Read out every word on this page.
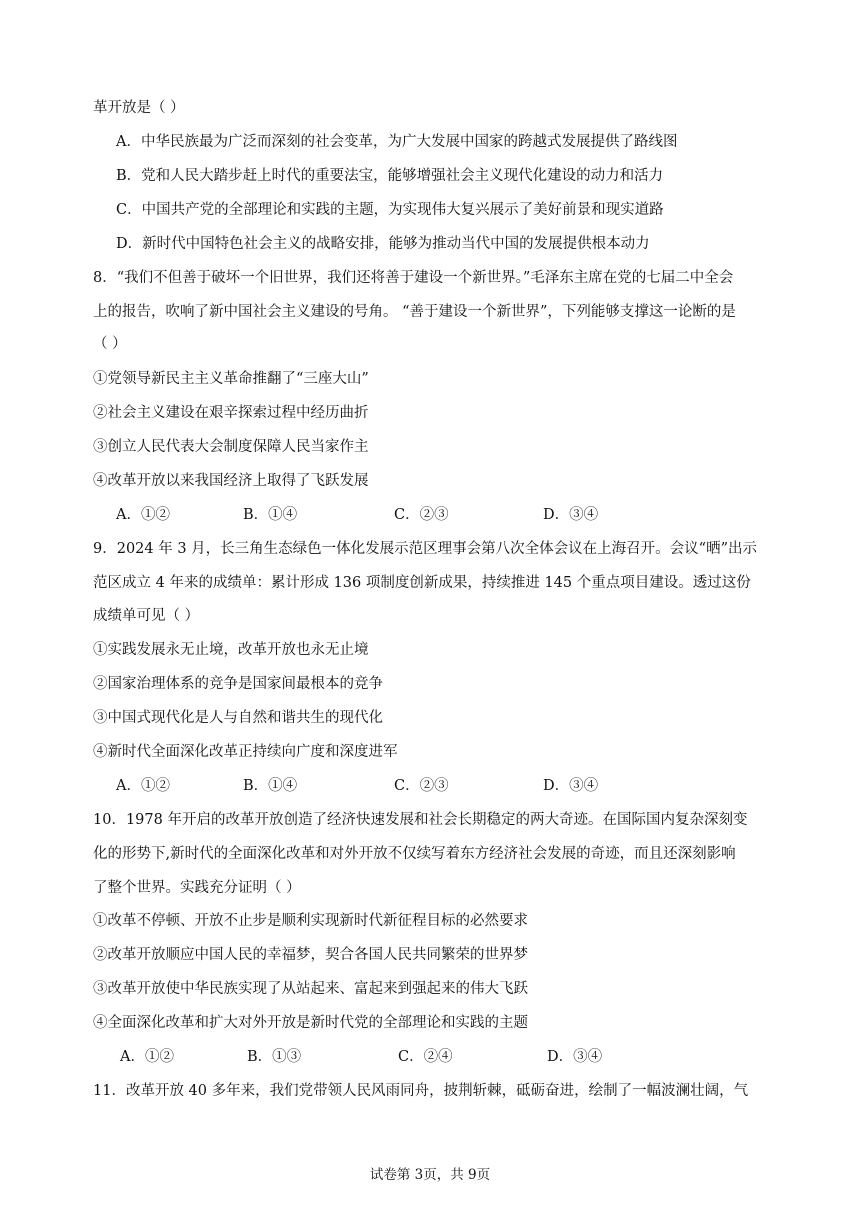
革开放是（ ）
A．中华民族最为广泛而深刻的社会变革，为广大发展中国家的跨越式发展提供了路线图
B．党和人民大踏步赶上时代的重要法宝，能够增强社会主义现代化建设的动力和活力
C．中国共产党的全部理论和实践的主题，为实现伟大复兴展示了美好前景和现实道路
D．新时代中国特色社会主义的战略安排，能够为推动当代中国的发展提供根本动力
8．“我们不但善于破坏一个旧世界，我们还将善于建设一个新世界。”毛泽东主席在党的七届二中全会
上的报告，吹响了新中国社会主义建设的号角。 “善于建设一个新世界”，下列能够支撑这一论断的是
（ ）
①党领导新民主主义革命推翻了“三座大山”
②社会主义建设在艰辛探索过程中经历曲折
③创立人民代表大会制度保障人民当家作主
④改革开放以来我国经济上取得了飞跃发展
A．①②	B．①④	C．②③	D．③④
9．2024 年 3 月，长三角生态绿色一体化发展示范区理事会第八次全体会议在上海召开。会议“晒”出示
范区成立 4 年来的成绩单：累计形成 136 项制度创新成果，持续推进 145 个重点项目建设。透过这份
成绩单可见（ ）
①实践发展永无止境，改革开放也永无止境
②国家治理体系的竞争是国家间最根本的竞争
③中国式现代化是人与自然和谐共生的现代化
④新时代全面深化改革正持续向广度和深度进军
A．①②	B．①④	C．②③	D．③④
10．1978 年开启的改革开放创造了经济快速发展和社会长期稳定的两大奇迹。在国际国内复杂深刻变
化的形势下,新时代的全面深化改革和对外开放不仅续写着东方经济社会发展的奇迹，而且还深刻影响
了整个世界。实践充分证明（ ）
①改革不停顿、开放不止步是顺利实现新时代新征程目标的必然要求
②改革开放顺应中国人民的幸福梦，契合各国人民共同繁荣的世界梦
③改革开放使中华民族实现了从站起来、富起来到强起来的伟大飞跃
④全面深化改革和扩大对外开放是新时代党的全部理论和实践的主题
A．①②	B．①③	C．②④	D．③④
11．改革开放 40 多年来，我们党带领人民风雨同舟，披荆斩棘，砥砺奋进，绘制了一幅波澜壮阔，气
试卷第 3页，共 9页
